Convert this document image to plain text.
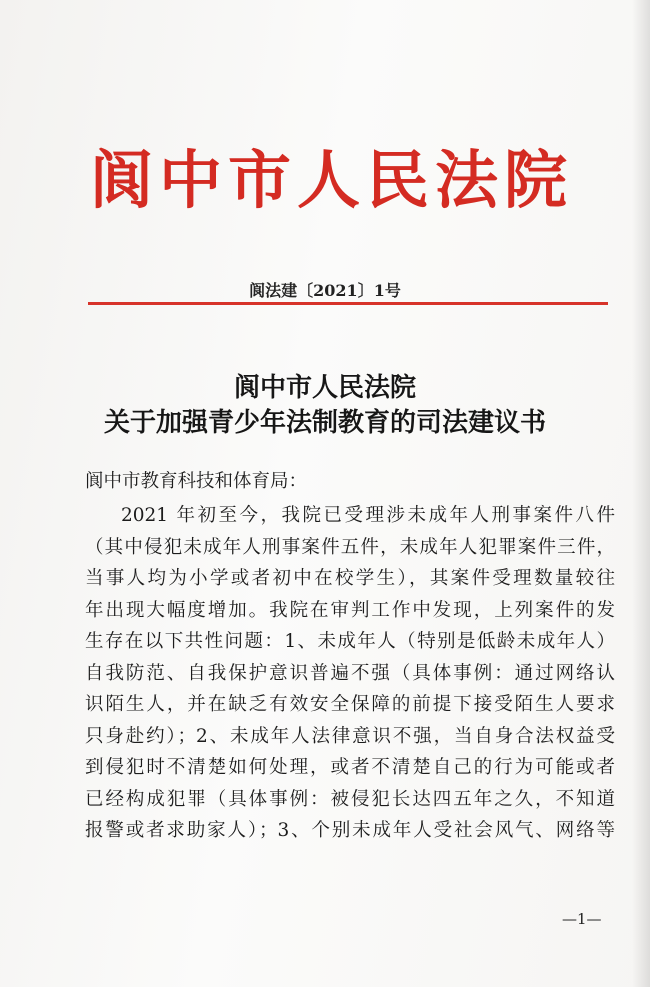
阆中市人民法院
阆法建〔2021〕1号
阆中市人民法院
关于加强青少年法制教育的司法建议书
阆中市教育科技和体育局：
2021 年初至今，我院已受理涉未成年人刑事案件八件
（其中侵犯未成年人刑事案件五件，未成年人犯罪案件三件，
当事人均为小学或者初中在校学生），其案件受理数量较往
年出现大幅度增加。我院在审判工作中发现，上列案件的发
生存在以下共性问题：1、未成年人（特别是低龄未成年人）
自我防范、自我保护意识普遍不强（具体事例：通过网络认
识陌生人，并在缺乏有效安全保障的前提下接受陌生人要求
只身赴约）；2、未成年人法律意识不强，当自身合法权益受
到侵犯时不清楚如何处理，或者不清楚自己的行为可能或者
已经构成犯罪（具体事例：被侵犯长达四五年之久，不知道
报警或者求助家人）；3、个别未成年人受社会风气、网络等
—1—
